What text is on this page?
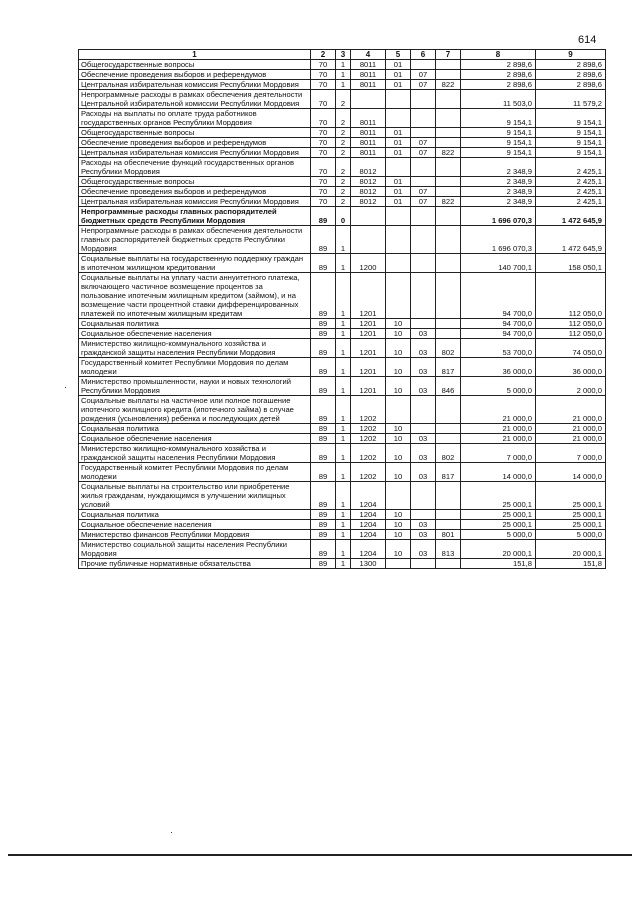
614
1	2	3	4	5	6	7	8	9
Общегосударственные вопросы	70	1	8011	01			2 898,6	2 898,6
Обеспечение проведения выборов и референдумов	70	1	8011	01	07		2 898,6	2 898,6
Центральная избирательная комиссия Республики Мордовия	70	1	8011	01	07	822	2 898,6	2 898,6
Непрограммные расходы в рамках обеспечения деятельности Центральной избирательной комиссии Республики Мордовия	70	2					11 503,0	11 579,2
Расходы на выплаты по оплате труда работников государственных органов Республики Мордовия	70	2	8011				9 154,1	9 154,1
Общегосударственные вопросы	70	2	8011	01			9 154,1	9 154,1
Обеспечение проведения выборов и референдумов	70	2	8011	01	07		9 154,1	9 154,1
Центральная избирательная комиссия Республики Мордовия	70	2	8011	01	07	822	9 154,1	9 154,1
Расходы на обеспечение функций государственных органов Республики Мордовия	70	2	8012				2 348,9	2 425,1
Общегосударственные вопросы	70	2	8012	01			2 348,9	2 425,1
Обеспечение проведения выборов и референдумов	70	2	8012	01	07		2 348,9	2 425,1
Центральная избирательная комиссия Республики Мордовия	70	2	8012	01	07	822	2 348,9	2 425,1
Непрограммные расходы главных распорядителей бюджетных средств Республики Мордовия	89	0					1 696 070,3	1 472 645,9
Непрограммные расходы в рамках обеспечения деятельности главных распорядителей бюджетных средств Республики Мордовия	89	1					1 696 070,3	1 472 645,9
Социальные выплаты на государственную поддержку граждан в ипотечном жилищном кредитовании	89	1	1200				140 700,1	158 050,1
Социальные выплаты на уплату части аннуитетного платежа, включающего частичное возмещение процентов за пользование ипотечным жилищным кредитом (займом), и на возмещение части процентной ставки дифференцированных платежей по ипотечным жилищным кредитам	89	1	1201				94 700,0	112 050,0
Социальная политика	89	1	1201	10			94 700,0	112 050,0
Социальное обеспечение населения	89	1	1201	10	03		94 700,0	112 050,0
Министерство жилищно-коммунального хозяйства и гражданской защиты населения Республики Мордовия	89	1	1201	10	03	802	53 700,0	74 050,0
Государственный комитет Республики Мордовия по делам молодежи	89	1	1201	10	03	817	36 000,0	36 000,0
Министерство промышленности, науки и новых технологий Республики Мордовия	89	1	1201	10	03	846	5 000,0	2 000,0
Социальные выплаты на частичное или полное погашение ипотечного жилищного кредита (ипотечного займа) в случае рождения (усыновления) ребенка и последующих детей	89	1	1202				21 000,0	21 000,0
Социальная политика	89	1	1202	10			21 000,0	21 000,0
Социальное обеспечение населения	89	1	1202	10	03		21 000,0	21 000,0
Министерство жилищно-коммунального хозяйства и гражданской защиты населения Республики Мордовия	89	1	1202	10	03	802	7 000,0	7 000,0
Государственный комитет Республики Мордовия по делам молодежи	89	1	1202	10	03	817	14 000,0	14 000,0
Социальные выплаты на строительство или приобретение жилья гражданам, нуждающимся в улучшении жилищных условий	89	1	1204				25 000,1	25 000,1
Социальная политика	89	1	1204	10			25 000,1	25 000,1
Социальное обеспечение населения	89	1	1204	10	03		25 000,1	25 000,1
Министерство финансов Республики Мордовия	89	1	1204	10	03	801	5 000,0	5 000,0
Министерство социальной защиты населения Республики Мордовия	89	1	1204	10	03	813	20 000,1	20 000,1
Прочие публичные нормативные обязательства	89	1	1300				151,8	151,8
·
·
